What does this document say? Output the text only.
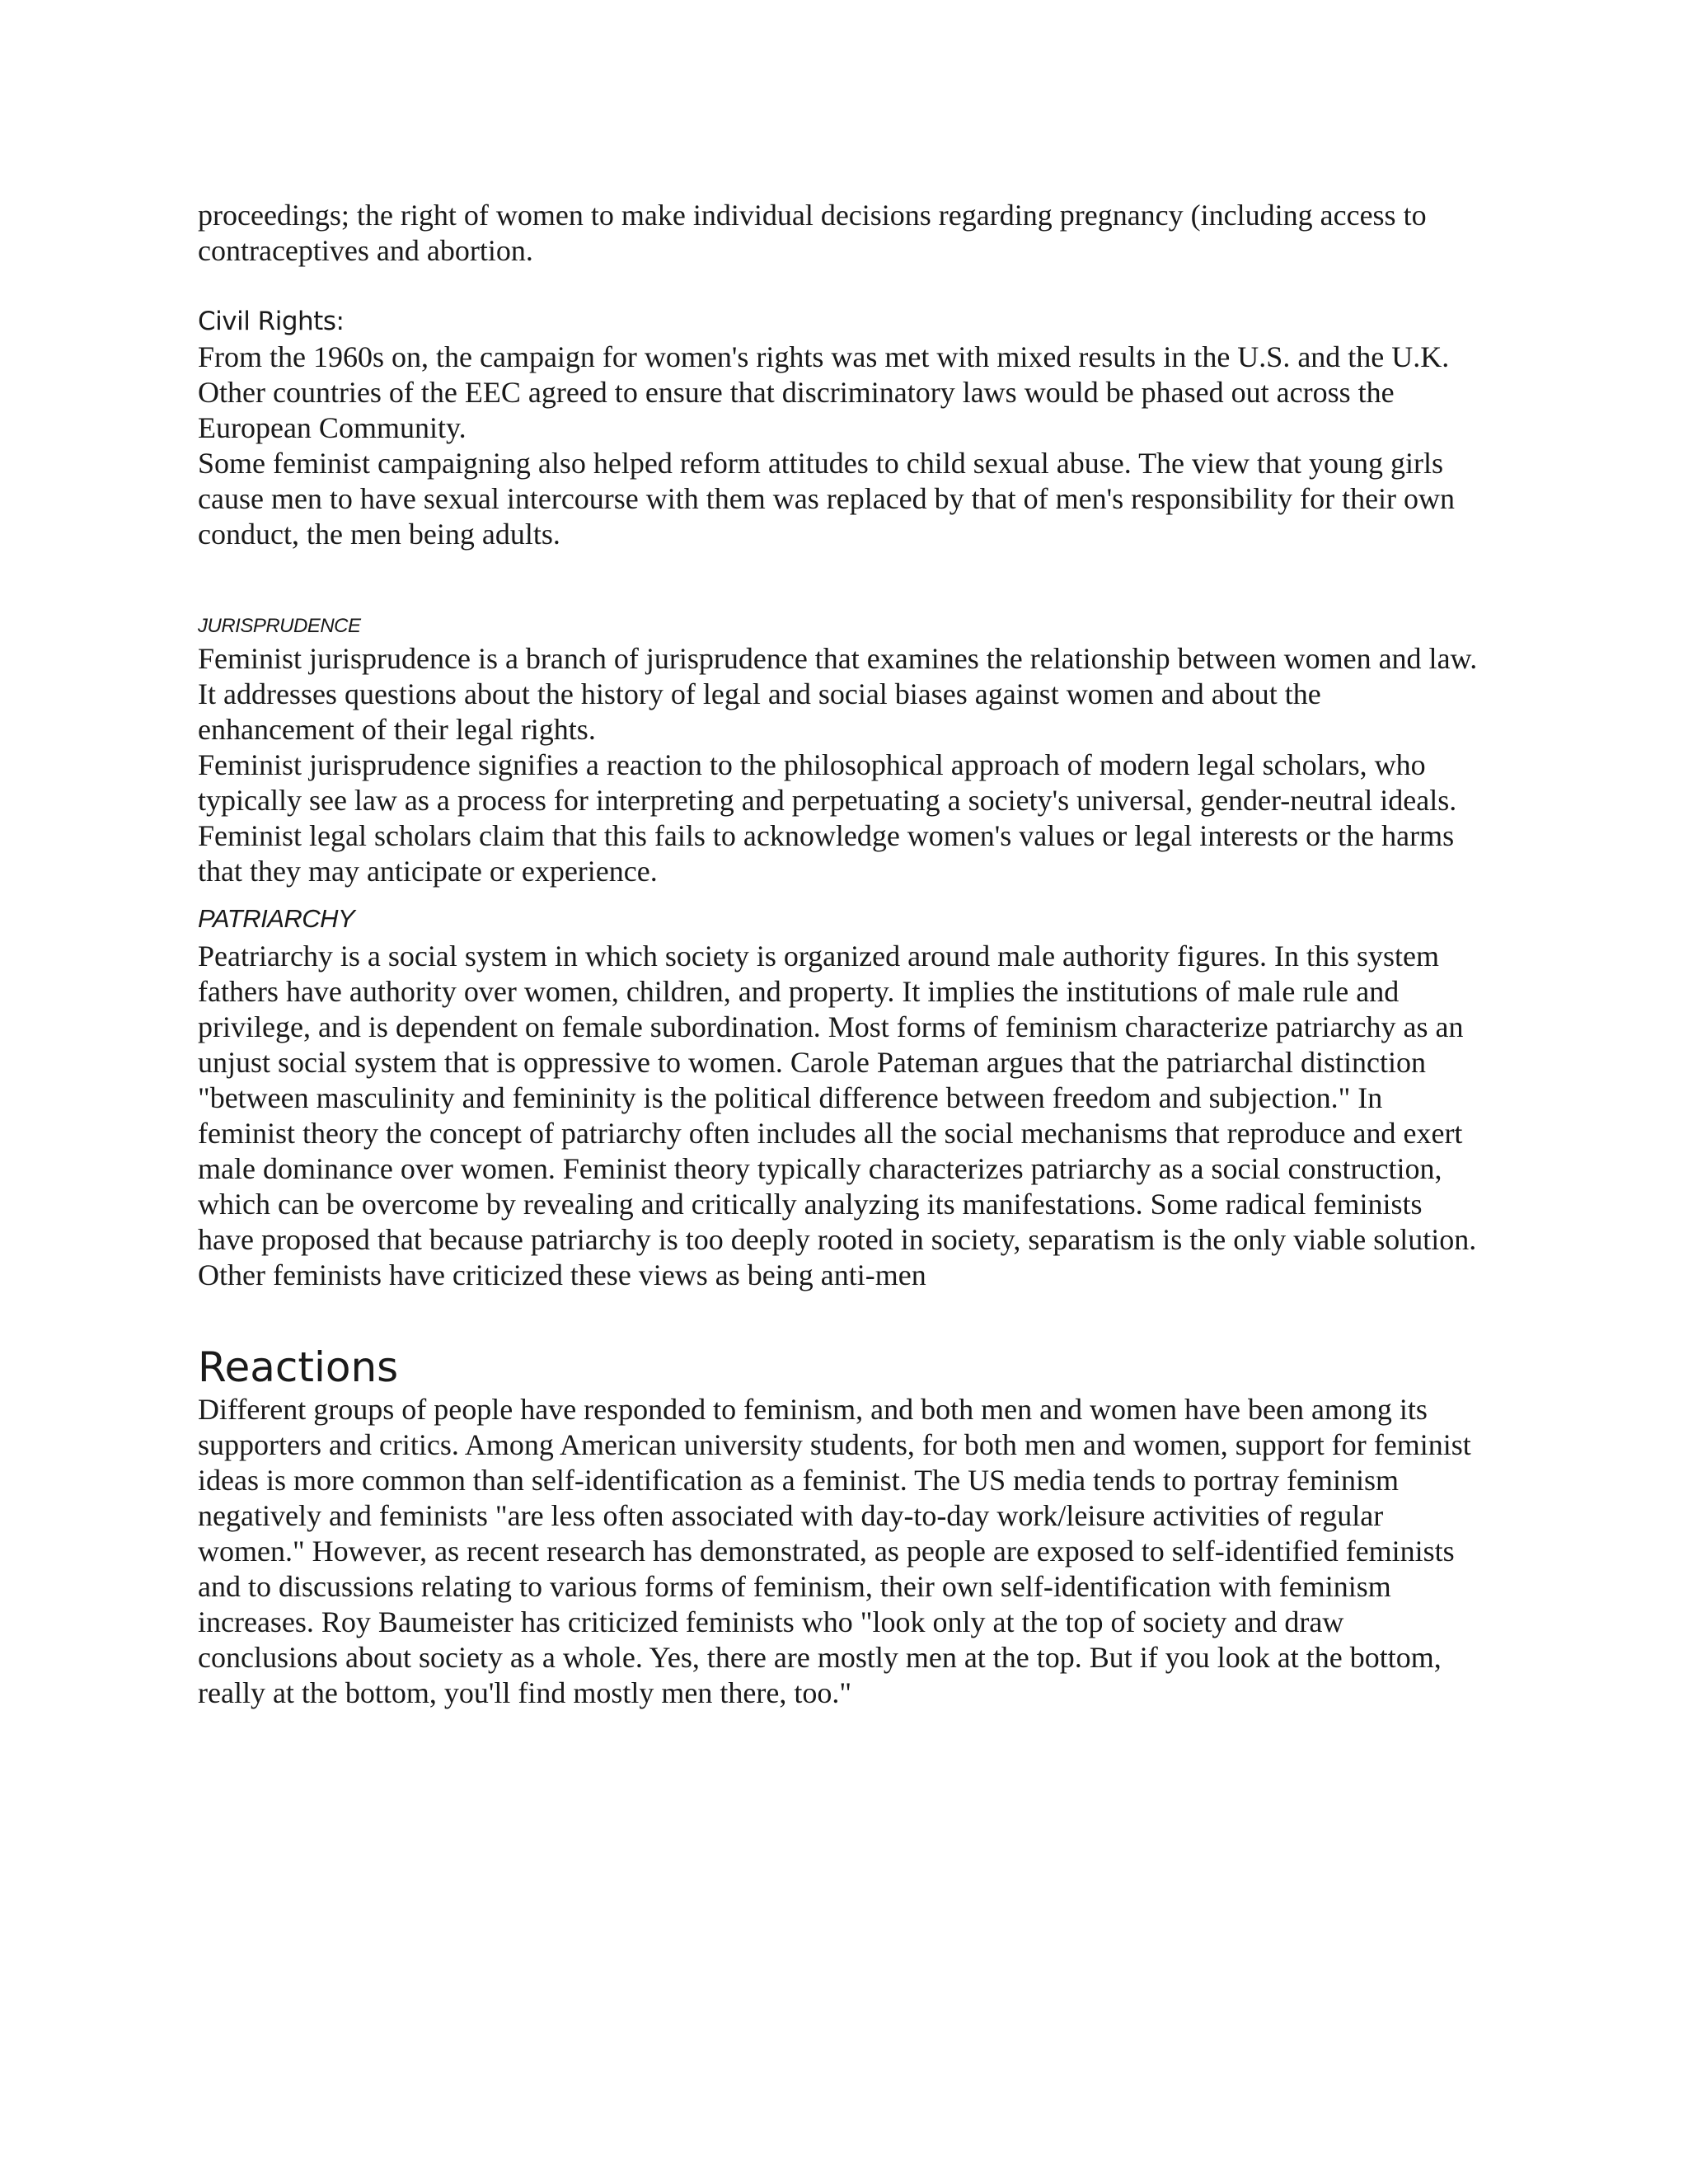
proceedings; the right of women to make individual decisions regarding pregnancy (including access to contraceptives and abortion.

Civil Rights:

From the 1960s on, the campaign for women's rights was met with mixed results in the U.S. and the U.K. Other countries of the EEC agreed to ensure that discriminatory laws would be phased out across the European Community.

Some feminist campaigning also helped reform attitudes to child sexual abuse. The view that young girls cause men to have sexual intercourse with them was replaced by that of men's responsibility for their own conduct, the men being adults.

jurisprudence

Feminist jurisprudence is a branch of jurisprudence that examines the relationship between women and law. It addresses questions about the history of legal and social biases against women and about the enhancement of their legal rights.

Feminist jurisprudence signifies a reaction to the philosophical approach of modern legal scholars, who typically see law as a process for interpreting and perpetuating a society's universal, gender-neutral ideals. Feminist legal scholars claim that this fails to acknowledge women's values or legal interests or the harms that they may anticipate or experience.

patriarchy

Peatriarchy is a social system in which society is organized around male authority figures. In this system fathers have authority over women, children, and property. It implies the institutions of male rule and privilege, and is dependent on female subordination. Most forms of feminism characterize patriarchy as an unjust social system that is oppressive to women. Carole Pateman argues that the patriarchal distinction "between masculinity and femininity is the political difference between freedom and subjection." In feminist theory the concept of patriarchy often includes all the social mechanisms that reproduce and exert male dominance over women. Feminist theory typically characterizes patriarchy as a social construction, which can be overcome by revealing and critically analyzing its manifestations. Some radical feminists have proposed that because patriarchy is too deeply rooted in society, separatism is the only viable solution. Other feminists have criticized these views as being anti-men

Reactions

Different groups of people have responded to feminism, and both men and women have been among its supporters and critics. Among American university students, for both men and women, support for feminist ideas is more common than self-identification as a feminist. The US media tends to portray feminism negatively and feminists "are less often associated with day-to-day work/leisure activities of regular women." However, as recent research has demonstrated, as people are exposed to self-identified feminists and to discussions relating to various forms of feminism, their own self-identification with feminism increases. Roy Baumeister has criticized feminists who "look only at the top of society and draw conclusions about society as a whole. Yes, there are mostly men at the top. But if you look at the bottom, really at the bottom, you'll find mostly men there, too."
